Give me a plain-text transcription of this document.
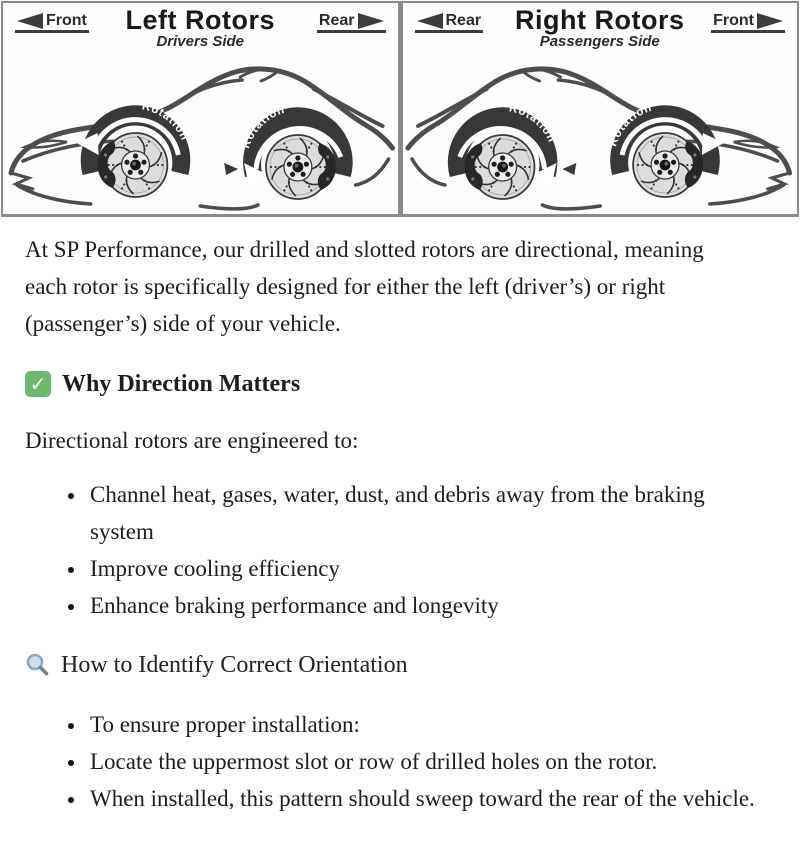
Front	Left Rotors
Drivers Side
Rear
Rotation
Rotation
Rear	Right Rotors
Passengers Side
Front
Rotation	Rotation

At SP Performance, our drilled and slotted rotors are directional, meaning each rotor is specifically designed for either the left (driver’s) or right (passenger’s) side of your vehicle.

✓ Why Direction Matters

Directional rotors are engineered to:

• Channel heat, gases, water, dust, and debris away from the braking system
• Improve cooling efficiency
• Enhance braking performance and longevity
How to Identify Correct Orientation
• To ensure proper installation:
• Locate the uppermost slot or row of drilled holes on the rotor.
• When installed, this pattern should sweep toward the rear of the vehicle.
